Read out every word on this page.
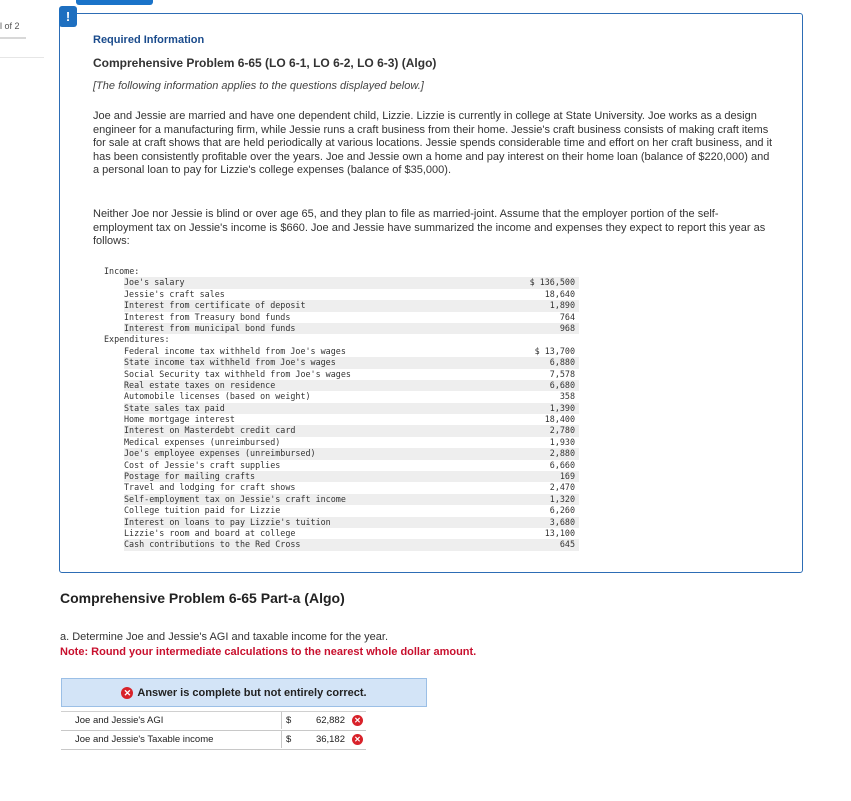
l of 2
!
Required Information
Comprehensive Problem 6-65 (LO 6-1, LO 6-2, LO 6-3) (Algo)
[The following information applies to the questions displayed below.]

Joe and Jessie are married and have one dependent child, Lizzie. Lizzie is currently in college at State University. Joe works as a design engineer for a manufacturing firm, while Jessie runs a craft business from their home. Jessie's craft business consists of making craft items for sale at craft shows that are held periodically at various locations. Jessie spends considerable time and effort on her craft business, and it has been consistently profitable over the years. Joe and Jessie own a home and pay interest on their home loan (balance of $220,000) and a personal loan to pay for Lizzie's college expenses (balance of $35,000).

Neither Joe nor Jessie is blind or over age 65, and they plan to file as married-joint. Assume that the employer portion of the self-employment tax on Jessie's income is $660. Joe and Jessie have summarized the income and expenses they expect to report this year as follows:

Income:
Joe's salary	$ 136,500
Jessie's craft sales	18,640
Interest from certificate of deposit	1,890
Interest from Treasury bond funds	764
Interest from municipal bond funds	968
Expenditures:
Federal income tax withheld from Joe's wages	$ 13,700
State income tax withheld from Joe's wages	6,880
Social Security tax withheld from Joe's wages	7,578
Real estate taxes on residence	6,680
Automobile licenses (based on weight)	358
State sales tax paid	1,390
Home mortgage interest	18,400
Interest on Masterdebt credit card	2,780
Medical expenses (unreimbursed)	1,930
Joe's employee expenses (unreimbursed)	2,880
Cost of Jessie's craft supplies	6,660
Postage for mailing crafts	169
Travel and lodging for craft shows	2,470
Self-employment tax on Jessie's craft income	1,320
College tuition paid for Lizzie	6,260
Interest on loans to pay Lizzie's tuition	3,680
Lizzie's room and board at college	13,100
Cash contributions to the Red Cross	645
Comprehensive Problem 6-65 Part-a (Algo)
a. Determine Joe and Jessie's AGI and taxable income for the year.
Note: Round your intermediate calculations to the nearest whole dollar amount.
✕ Answer is complete but not entirely correct.
Joe and Jessie's AGI	$	62,882 ✕
Joe and Jessie's Taxable income	$	36,182 ✕
